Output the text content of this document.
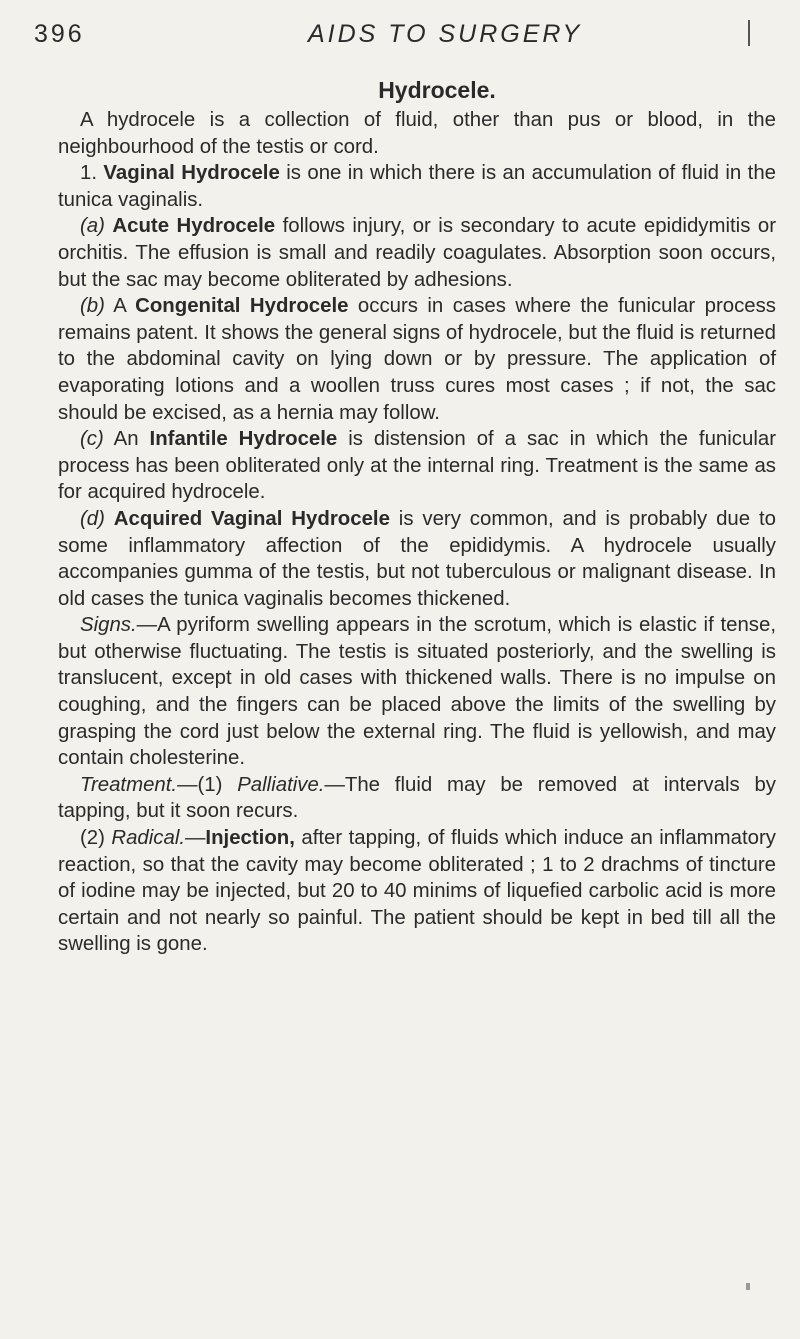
396	AIDS TO SURGERY
Hydrocele.

A hydrocele is a collection of fluid, other than pus or blood, in the neighbourhood of the testis or cord.

1. Vaginal Hydrocele is one in which there is an accumulation of fluid in the tunica vaginalis.

(a) Acute Hydrocele follows injury, or is secondary to acute epididymitis or orchitis. The effusion is small and readily coagulates. Absorption soon occurs, but the sac may become obliterated by adhesions.

(b) A Congenital Hydrocele occurs in cases where the funicular process remains patent. It shows the general signs of hydrocele, but the fluid is returned to the abdominal cavity on lying down or by pressure. The application of evaporating lotions and a woollen truss cures most cases ; if not, the sac should be excised, as a hernia may follow.

(c) An Infantile Hydrocele is distension of a sac in which the funicular process has been obliterated only at the internal ring. Treatment is the same as for acquired hydrocele.

(d) Acquired Vaginal Hydrocele is very common, and is probably due to some inflammatory affection of the epididymis. A hydrocele usually accompanies gumma of the testis, but not tuberculous or malignant disease. In old cases the tunica vaginalis becomes thickened.

Signs.—A pyriform swelling appears in the scrotum, which is elastic if tense, but otherwise fluctuating. The testis is situated posteriorly, and the swelling is translucent, except in old cases with thickened walls. There is no impulse on coughing, and the fingers can be placed above the limits of the swelling by grasping the cord just below the external ring. The fluid is yellowish, and may contain cholesterine.

Treatment.—(1) Palliative.—The fluid may be removed at intervals by tapping, but it soon recurs.

(2) Radical.—Injection, after tapping, of fluids which induce an inflammatory reaction, so that the cavity may become obliterated ; 1 to 2 drachms of tincture of iodine may be injected, but 20 to 40 minims of liquefied carbolic acid is more certain and not nearly so painful. The patient should be kept in bed till all the swelling is gone.
